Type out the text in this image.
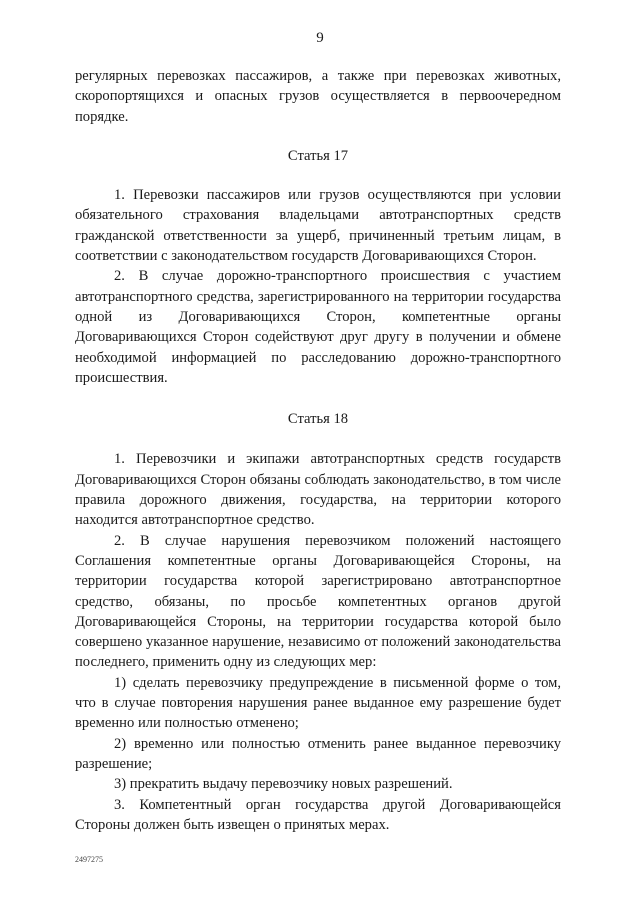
9

регулярных перевозках пассажиров, а также при перевозках животных, скоропортящихся и опасных грузов осуществляется в первоочередном порядке.

Статья 17

1. Перевозки пассажиров или грузов осуществляются при условии обязательного страхования владельцами автотранспортных средств гражданской ответственности за ущерб, причиненный третьим лицам, в соответствии с законодательством государств Договаривающихся Сторон.

2. В случае дорожно-транспортного происшествия с участием автотранспортного средства, зарегистрированного на территории государства одной из Договаривающихся Сторон, компетентные органы Договаривающихся Сторон содействуют друг другу в получении и обмене необходимой информацией по расследованию дорожно-транспортного происшествия.

Статья 18

1. Перевозчики и экипажи автотранспортных средств государств Договаривающихся Сторон обязаны соблюдать законодательство, в том числе правила дорожного движения, государства, на территории которого находится автотранспортное средство.

2. В случае нарушения перевозчиком положений настоящего Соглашения компетентные органы Договаривающейся Стороны, на территории государства которой зарегистрировано автотранспортное средство, обязаны, по просьбе компетентных органов другой Договаривающейся Стороны, на территории государства которой было совершено указанное нарушение, независимо от положений законодательства последнего, применить одну из следующих мер:

1) сделать перевозчику предупреждение в письменной форме о том, что в случае повторения нарушения ранее выданное ему разрешение будет временно или полностью отменено;

2) временно или полностью отменить ранее выданное перевозчику разрешение;

3) прекратить выдачу перевозчику новых разрешений.

3. Компетентный орган государства другой Договаривающейся Стороны должен быть извещен о принятых мерах.

2497275
